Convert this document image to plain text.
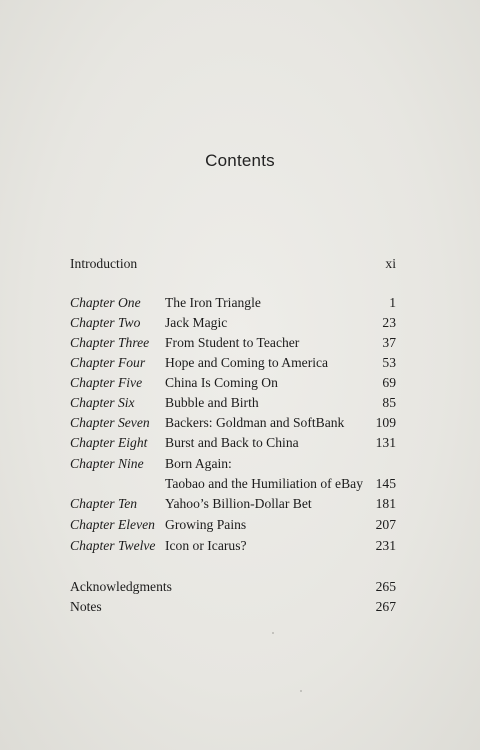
Contents
Introduction	xi
Chapter One The Iron Triangle	1
Chapter Two Jack Magic	23
Chapter Three From Student to Teacher	37
Chapter Four Hope and Coming to America	53
Chapter Five China Is Coming On	69
Chapter Six Bubble and Birth	85
Chapter Seven Backers: Goldman and SoftBank 109
Chapter Eight Burst and Back to China	131
Chapter Nine Born Again:
Taobao and the Humiliation of eBay 145
Chapter Ten Yahoo’s Billion-Dollar Bet	181
Chapter Eleven Growing Pains	207
Chapter Twelve Icon or Icarus?	231
Acknowledgments	265
Notes	267
